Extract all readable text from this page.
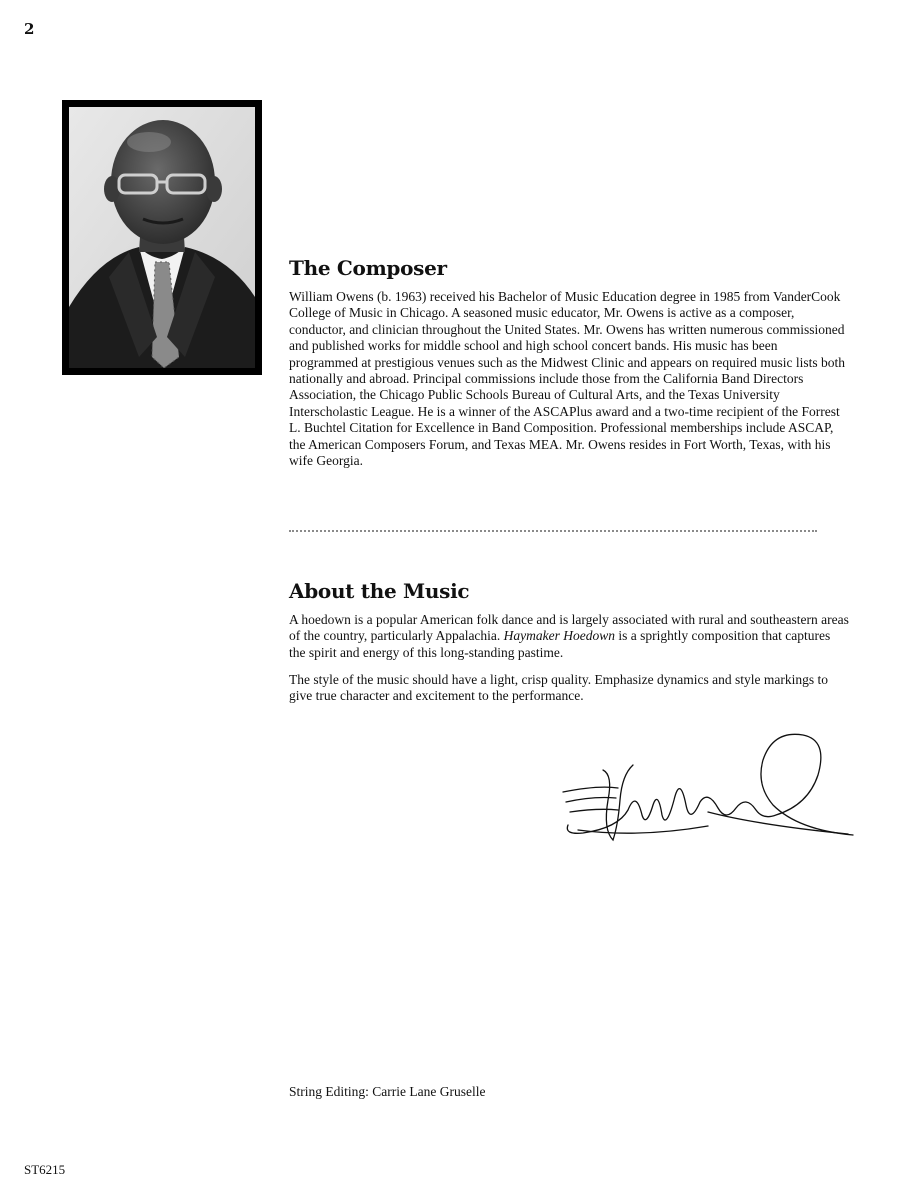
2
The Composer

William Owens (b. 1963) received his Bachelor of Music Education degree in 1985 from VanderCook College of Music in Chicago. A seasoned music educator, Mr. Owens is active as a composer, conductor, and clinician throughout the United States. Mr. Owens has written numerous commissioned and published works for middle school and high school concert bands. His music has been programmed at prestigious venues such as the Midwest Clinic and appears on required music lists both nationally and abroad. Principal commissions include those from the California Band Directors Association, the Chicago Public Schools Bureau of Cultural Arts, and the Texas University Interscholastic League. He is a winner of the ASCAPlus award and a two-time recipient of the Forrest L. Buchtel Citation for Excellence in Band Composition. Professional memberships include ASCAP, the American Composers Forum, and Texas MEA. Mr. Owens resides in Fort Worth, Texas, with his wife Georgia.

About the Music

A hoedown is a popular American folk dance and is largely associated with rural and southeastern areas of the country, particularly Appalachia. Haymaker Hoedown is a sprightly composition that captures the spirit and energy of this long-standing pastime.

The style of the music should have a light, crisp quality. Emphasize dynamics and style markings to give true character and excitement to the performance.

String Editing: Carrie Lane Gruselle
ST6215
